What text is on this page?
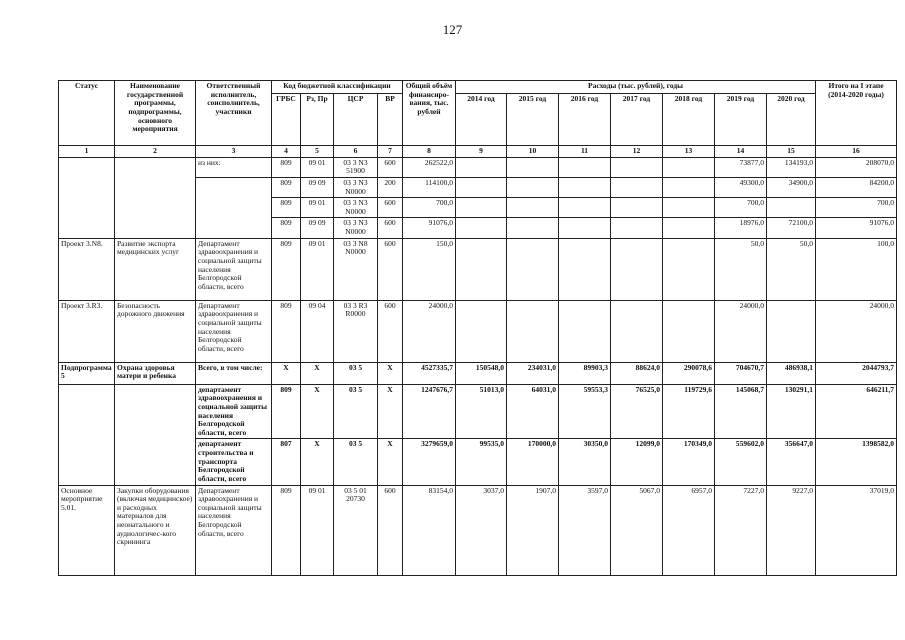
127
Статус	Наименование государственной программы, подпрограммы, основного мероприятия	Ответственный исполнитель, соисполнитель, участники	Код бюджетной классификации				Общий объём финансиро-вания, тыс. рублей	Расходы (тыс. рублей), годы							Итого на I этапе (2014-2020 годы)
			ГРБС	Рз, Пр	ЦСР	ВР		2014 год	2015 год	2016 год	2017 год	2018 год	2019 год	2020 год	
1	2	3	4	5	6	7	8	9	10	11	12	13	14	15	16
		из них:	809	09 01	03 3 N3 51900	600	262522,0						73877,0	134193,0	208070,0
			809	09 09	03 3 N3 N0000	200	114100,0						49300,0	34900,0	84200,0
			809	09 01	03 3 N3 N0000	600	700,0						700,0		700,0
			809	09 09	03 3 N3 N0000	600	91076,0						18976,0	72100,0	91076,0
Проект 3.N8.	Развитие экспорта медицинских услуг	Департамент здравоохранения и социальной защиты населения Белгородской области, всего	809	09 01	03 3 N8 N0000	600	150,0						50,0	50,0	100,0
Проект 3.R3.	Безопасность дорожного движения	Департамент здравоохранения и социальной защиты населения Белгородской области, всего	809	09 04	03 3 R3 R0000	600	24000,0						24000,0		24000,0
Подпрограмма 5	Охрана здоровья матери и ребенка	Всего, в том числе:	X	X	03 5	X	4527335,7	150548,0	234031,0	89903,3	88624,0	290078,6	704670,7	486938,1	2044793,7
		департамент здравоохранения и социальной защиты населения Белгородской области, всего	809	X	03 5	X	1247676,7	51013,0	64031,0	59553,3	76525,0	119729,6	145068,7	130291,1	646211,7
		департамент строительства и транспорта Белгородской области, всего	807	X	03 5	X	3279659,0	99535,0	170000,0	30350,0	12099,0	170349,0	559602,0	356647,0	1398582,0
Основное мероприятие 5.01.	Закупки оборудования (включая медицинское) и расходных материалов для неонатального и аудиологичес-кого скрининга	Департамент здравоохранения и социальной защиты населения Белгородской области, всего	809	09 01	03 5 01 20730	600	83154,0	3037,0	1907,0	3597,0	5067,0	6957,0	7227,0	9227,0	37019,0
